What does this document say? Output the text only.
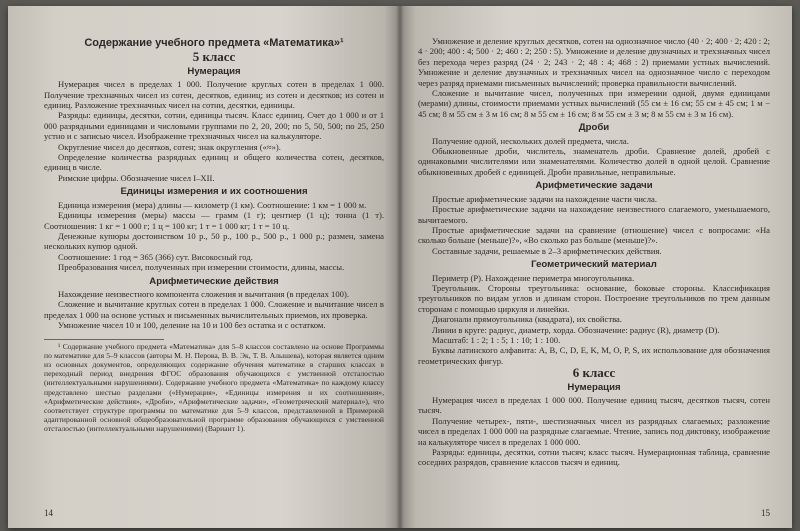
Содержание учебного предмета «Математика»¹
5 класс
Нумерация

Нумерация чисел в пределах 1 000. Получение круглых сотен в пределах 1 000. Получение трехзначных чисел из сотен, десятков, единиц; из сотен и десятков; из сотен и единиц. Разложение трехзначных чисел на сотни, десятки, единицы.

Разряды: единицы, десятки, сотни, единицы тысяч. Класс единиц. Счет до 1 000 и от 1 000 разрядными единицами и числовыми группами по 2, 20, 200; по 5, 50, 500; по 25, 250 устно и с записью чисел. Изображение трехзначных чисел на калькуляторе.

Округление чисел до десятков, сотен; знак округления («≈»).

Определение количества разрядных единиц и общего количества сотен, десятков, единиц в числе.

Римские цифры. Обозначение чисел I–XII.

Единицы измерения и их соотношения

Единица измерения (мера) длины — километр (1 км). Соотношение: 1 км = 1 000 м.

Единицы измерения (меры) массы — грамм (1 г); центнер (1 ц); тонна (1 т). Соотношения: 1 кг = 1 000 г; 1 ц = 100 кг; 1 т = 1 000 кг; 1 т = 10 ц.

Денежные купюры достоинством 10 р., 50 р., 100 р., 500 р., 1 000 р.; размен, замена нескольких купюр одной.

Соотношение: 1 год = 365 (366) сут. Високосный год.

Преобразования чисел, полученных при измерении стоимости, длины, массы.

Арифметические действия

Нахождение неизвестного компонента сложения и вычитания (в пределах 100).

Сложение и вычитание круглых сотен в пределах 1 000. Сложение и вычитание чисел в пределах 1 000 на основе устных и письменных вычислительных приемов, их проверка.

Умножение чисел 10 и 100, деление на 10 и 100 без остатка и с остатком.

¹ Содержание учебного предмета «Математика» для 5–8 классов составлено на основе Программы по математике для 5–9 классов (авторы М. Н. Перова, В. В. Эк, Т. В. Алышева), которая является одним из основных документов, определяющих содержание обучения математике в старших классах в переходный период внедрения ФГОС образования обучающихся с умственной отсталостью (интеллектуальными нарушениями). Содержание учебного предмета «Математика» по каждому классу представлено шестью разделами («Нумерация», «Единицы измерения и их соотношения», «Арифметические действия», «Дроби», «Арифметические задачи», «Геометрический материал»), что соответствует структуре программы по математике для 5–9 классов, представленной в Примерной адаптированной основной общеобразовательной программе образования обучающихся с умственной отсталостью (интеллектуальными нарушениями) (Вариант 1).

14

Умножение и деление круглых десятков, сотен на однозначное число (40 · 2; 400 · 2; 420 : 2; 4 · 200; 400 : 4; 500 · 2; 460 : 2; 250 : 5). Умножение и деление двузначных и трехзначных чисел без перехода через разряд (24 · 2; 243 · 2; 48 : 4; 468 : 2) приемами устных вычислений. Умножение и деление двузначных и трехзначных чисел на однозначное число с переходом через разряд приемами письменных вычислений; проверка правильности вычислений.

Сложение и вычитание чисел, полученных при измерении одной, двумя единицами (мерами) длины, стоимости приемами устных вычислений (55 см ± 16 см; 55 см ± 45 см; 1 м − 45 см; 8 м 55 см ± 3 м 16 см; 8 м 55 см ± 16 см; 8 м 55 см ± 3 м; 8 м 55 см ± 3 м 16 см).

Дроби

Получение одной, нескольких долей предмета, числа.

Обыкновенные дроби, числитель, знаменатель дроби. Сравнение долей, дробей с одинаковыми числителями или знаменателями. Количество долей в одной целой. Сравнение обыкновенных дробей с единицей. Дроби правильные, неправильные.

Арифметические задачи

Простые арифметические задачи на нахождение части числа.

Простые арифметические задачи на нахождение неизвестного слагаемого, уменьшаемого, вычитаемого.

Простые арифметические задачи на сравнение (отношение) чисел с вопросами: «На сколько больше (меньше)?», «Во сколько раз больше (меньше)?».

Составные задачи, решаемые в 2–3 арифметических действия.

Геометрический материал

Периметр (Р). Нахождение периметра многоугольника.

Треугольник. Стороны треугольника: основание, боковые стороны. Классификация треугольников по видам углов и длинам сторон. Построение треугольников по трем данным сторонам с помощью циркуля и линейки.

Диагонали прямоугольника (квадрата), их свойства.

Линии в круге: радиус, диаметр, хорда. Обозначение: радиус (R), диаметр (D).

Масштаб: 1 : 2; 1 : 5; 1 : 10; 1 : 100.

Буквы латинского алфавита: A, B, C, D, E, K, M, O, P, S, их использование для обозначения геометрических фигур.

6 класс
Нумерация

Нумерация чисел в пределах 1 000 000. Получение единиц тысяч, десятков тысяч, сотен тысяч.

Получение четырех-, пяти-, шестизначных чисел из разрядных слагаемых; разложение чисел в пределах 1 000 000 на разрядные слагаемые. Чтение, запись под диктовку, изображение на калькуляторе чисел в пределах 1 000 000.

Разряды: единицы, десятки, сотни тысяч; класс тысяч. Нумерационная таблица, сравнение соседних разрядов, сравнение классов тысяч и единиц.

15
